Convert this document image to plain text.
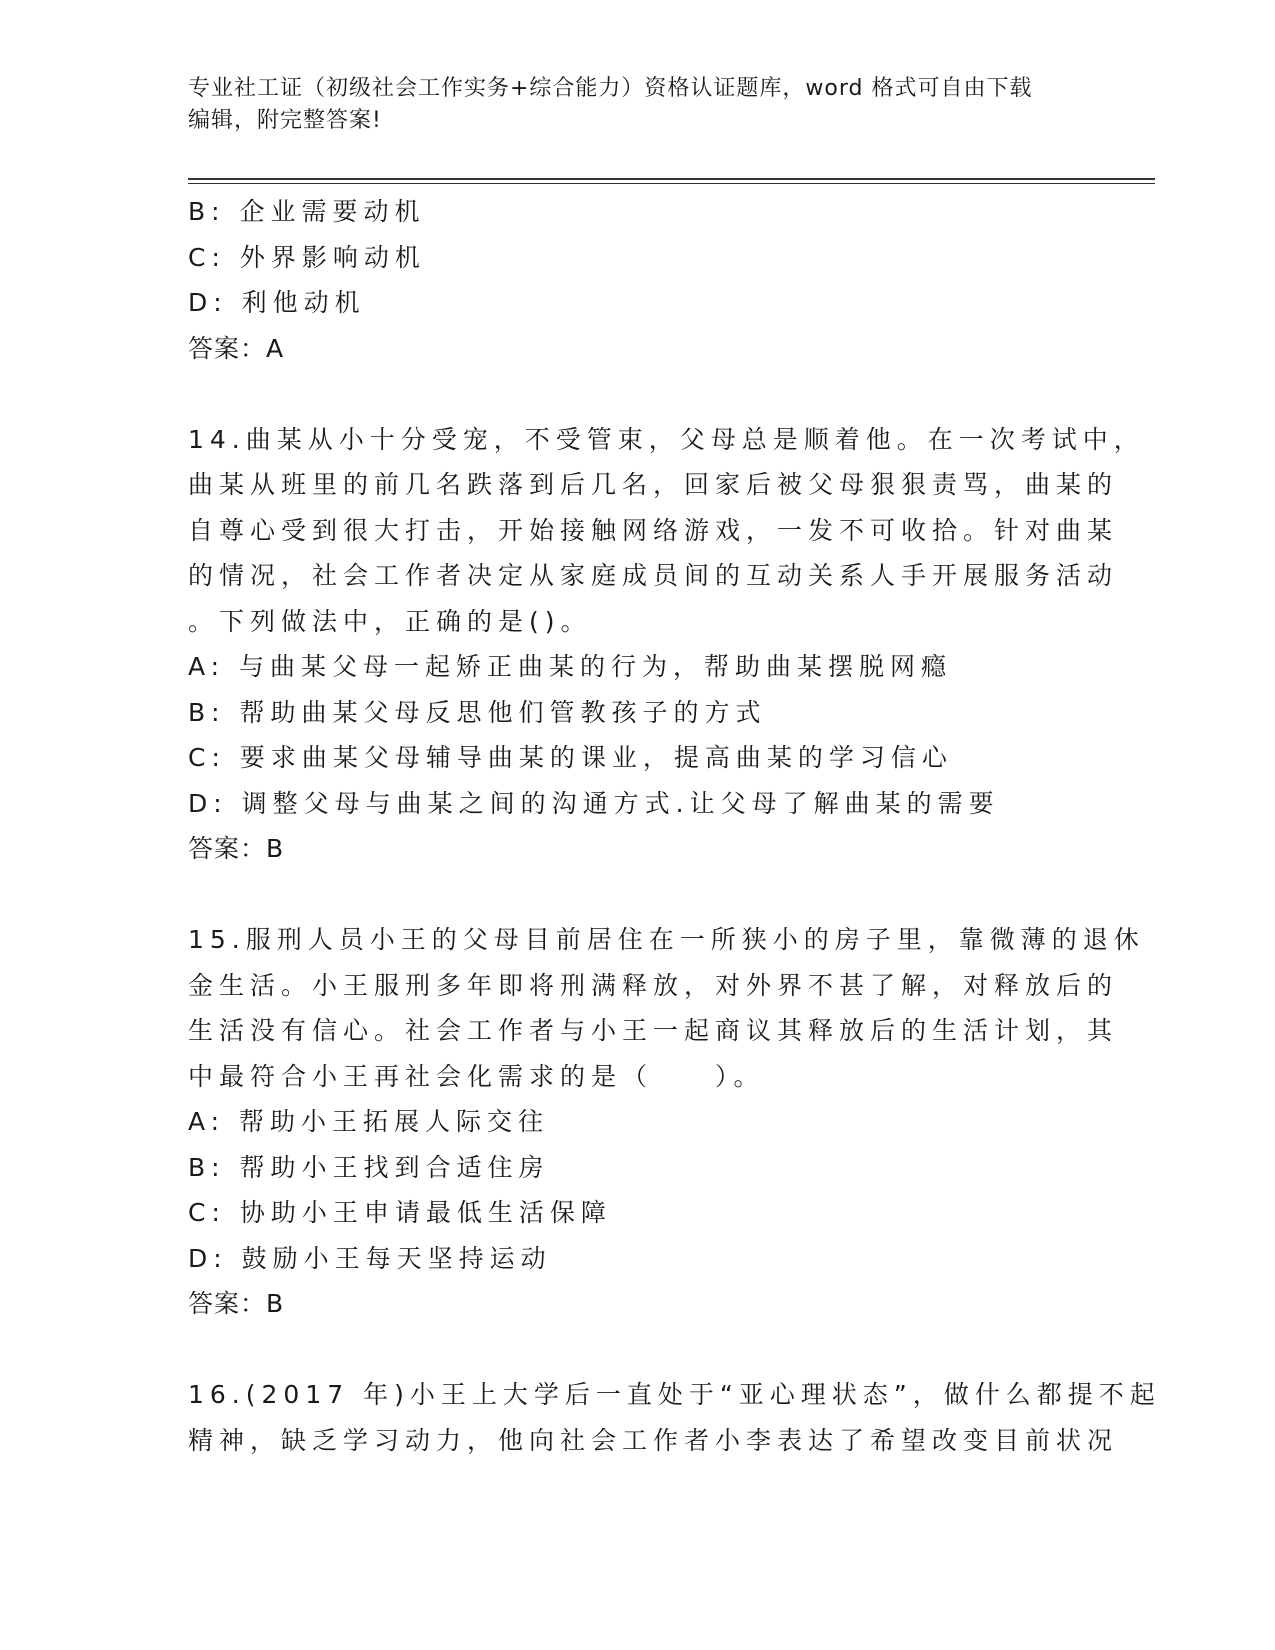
专业社工证（初级社会工作实务+综合能力）资格认证题库，word 格式可自由下载
编辑，附完整答案!
B: 企业需要动机
C: 外界影响动机
D: 利他动机
答案：A
14.曲某从小十分受宠，不受管束，父母总是顺着他。在一次考试中，
曲某从班里的前几名跌落到后几名，回家后被父母狠狠责骂，曲某的
自尊心受到很大打击，开始接触网络游戏，一发不可收拾。针对曲某
的情况，社会工作者决定从家庭成员间的互动关系人手开展服务活动
。下列做法中，正确的是()。
A: 与曲某父母一起矫正曲某的行为，帮助曲某摆脱网瘾
B: 帮助曲某父母反思他们管教孩子的方式
C: 要求曲某父母辅导曲某的课业，提高曲某的学习信心
D: 调整父母与曲某之间的沟通方式.让父母了解曲某的需要
答案：B
15.服刑人员小王的父母目前居住在一所狭小的房子里，靠微薄的退休
金生活。小王服刑多年即将刑满释放，对外界不甚了解，对释放后的
生活没有信心。社会工作者与小王一起商议其释放后的生活计划，其
中最符合小王再社会化需求的是（　　）。
A: 帮助小王拓展人际交往
B: 帮助小王找到合适住房
C: 协助小王申请最低生活保障
D: 鼓励小王每天坚持运动
答案：B
16.(2017 年)小王上大学后一直处于“亚心理状态”，做什么都提不起
精神，缺乏学习动力，他向社会工作者小李表达了希望改变目前状况
